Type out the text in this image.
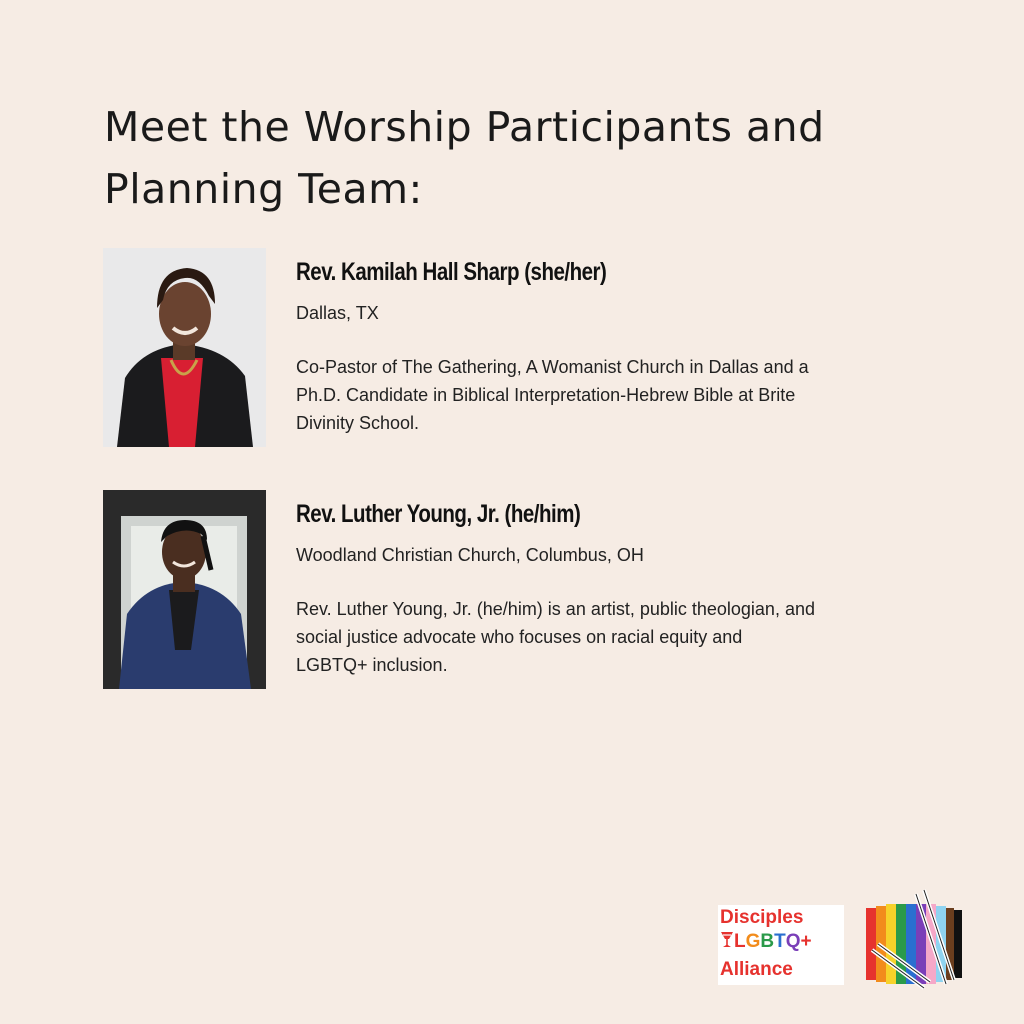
Meet the Worship Participants and Planning Team:
Rev. Kamilah Hall Sharp (she/her)

Dallas, TX

Co-Pastor of The Gathering, A Womanist Church in Dallas and a Ph.D. Candidate in Biblical Interpretation-Hebrew Bible at Brite Divinity School.

Rev. Luther Young, Jr. (he/him)

Woodland Christian Church, Columbus, OH

Rev. Luther Young, Jr. (he/him) is an artist, public theologian, and social justice advocate who focuses on racial equity and LGBTQ+ inclusion.

Disciples
LGBTQ+
Alliance
